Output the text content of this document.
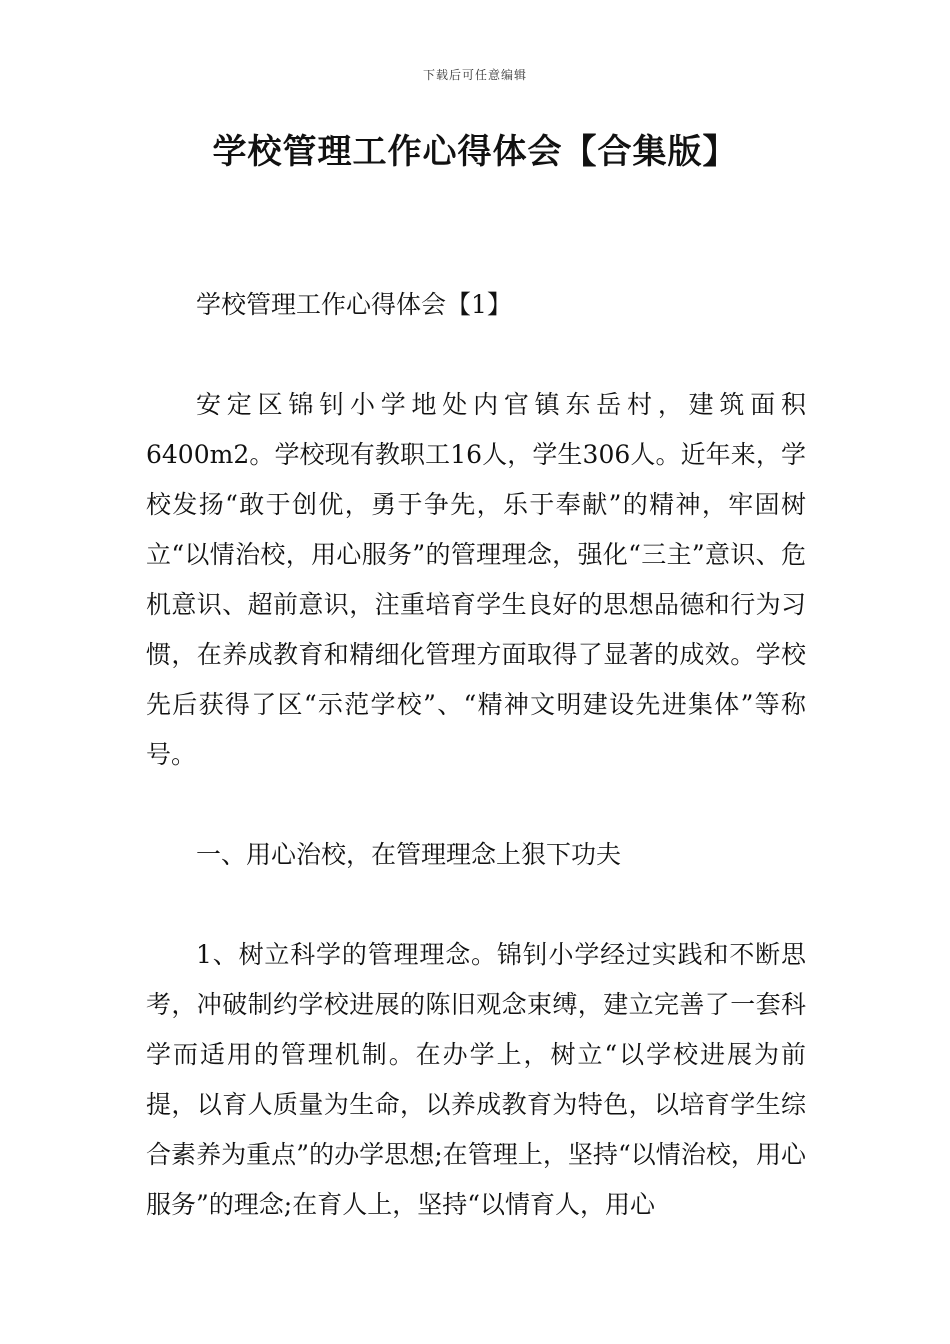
下载后可任意编辑
学校管理工作心得体会【合集版】

学校管理工作心得体会【1】

安定区锦钊小学地处内官镇东岳村，建筑面积6400m2。学校现有教职工16人，学生306人。近年来，学校发扬“敢于创优，勇于争先，乐于奉献”的精神，牢固树立“以情治校，用心服务”的管理理念，强化“三主”意识、危机意识、超前意识，注重培育学生良好的思想品德和行为习惯，在养成教育和精细化管理方面取得了显著的成效。学校先后获得了区“示范学校”、“精神文明建设先进集体”等称号。

一、用心治校，在管理理念上狠下功夫

1、树立科学的管理理念。锦钊小学经过实践和不断思考，冲破制约学校进展的陈旧观念束缚，建立完善了一套科学而适用的管理机制。在办学上，树立“以学校进展为前提，以育人质量为生命，以养成教育为特色，以培育学生综合素养为重点”的办学思想;在管理上，坚持“以情治校，用心服务”的理念;在育人上，坚持“以情育人，用心
